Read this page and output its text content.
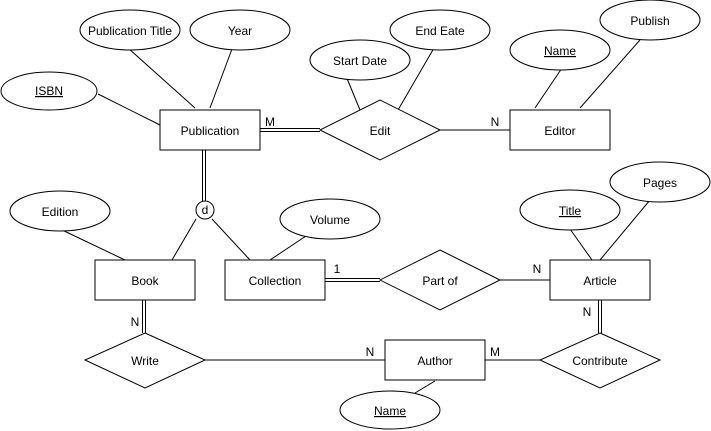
ISBN
Publication Title	Year
Start Date
End Eate
Name
Publish
Edition
Volume
Title
Pages
Name
Publication	Editor
Book	Collection	Article
Author
Edit
Part of
Write	Contribute
d
M	N
1	N
N
N	M
N
